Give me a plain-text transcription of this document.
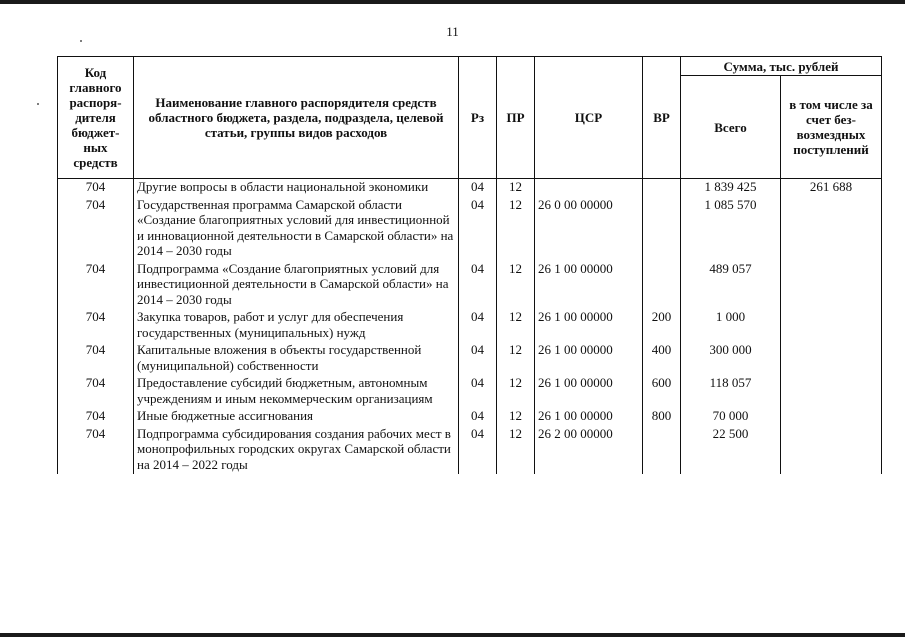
11
Код главного распоря-дителя бюджет-ных средств	Наименование главного распорядителя средств областного бюджета, раздела, подраздела, целевой статьи, группы видов расходов	Рз	ПР	ЦСР	ВР	Сумма, тыс. рублей	
						Всего	в том числе за счет без-возмездных поступлений
704	Другие вопросы в области национальной экономики	04	12			1 839 425	261 688
704	Государственная программа Самарской области «Создание благоприятных условий для инвестиционной и инновационной деятельности в Самарской области» на 2014 – 2030 годы	04	12	26 0 00 00000		1 085 570	
704	Подпрограмма «Создание благоприятных условий для инвестиционной деятельности в Самарской области» на 2014 – 2030 годы	04	12	26 1 00 00000		489 057	
704	Закупка товаров, работ и услуг для обеспечения государственных (муниципальных) нужд	04	12	26 1 00 00000	200	1 000	
704	Капитальные вложения в объекты государственной (муниципальной) собственности	04	12	26 1 00 00000	400	300 000	
704	Предоставление субсидий бюджетным, автономным учреждениям и иным некоммерческим организациям	04	12	26 1 00 00000	600	118 057	
704	Иные бюджетные ассигнования	04	12	26 1 00 00000	800	70 000	
704	Подпрограмма субсидирования создания рабочих мест в монопрофильных городских округах Самарской области на 2014 – 2022 годы	04	12	26 2 00 00000		22 500	
